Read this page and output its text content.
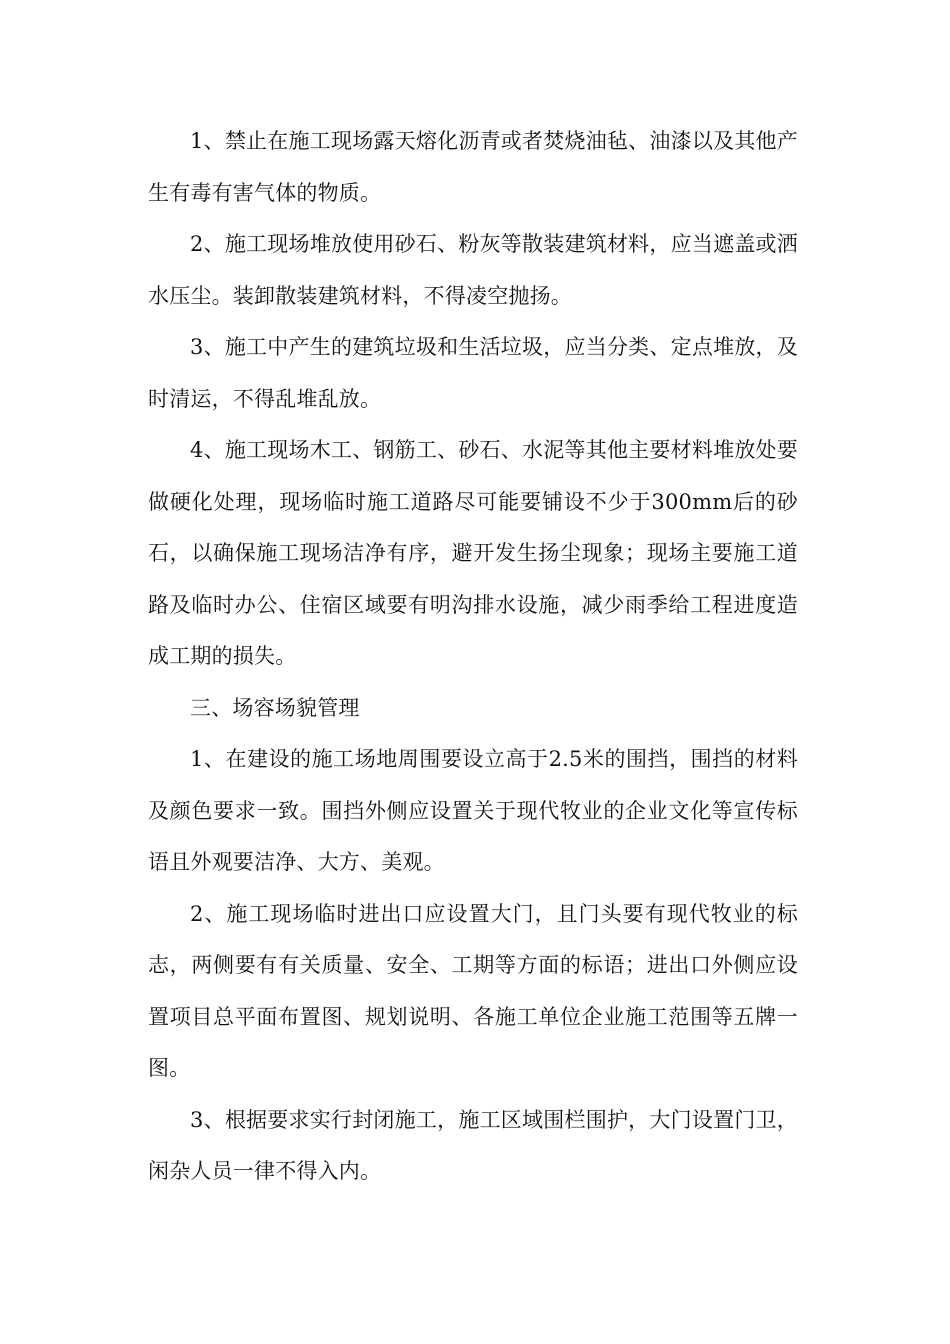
1、禁止在施工现场露天熔化沥青或者焚烧油毡、油漆以及其他产生有毒有害气体的物质。

2、施工现场堆放使用砂石、粉灰等散装建筑材料，应当遮盖或洒水压尘。装卸散装建筑材料，不得凌空抛扬。

3、施工中产生的建筑垃圾和生活垃圾，应当分类、定点堆放，及时清运，不得乱堆乱放。

4、施工现场木工、钢筋工、砂石、水泥等其他主要材料堆放处要做硬化处理，现场临时施工道路尽可能要铺设不少于300mm后的砂石，以确保施工现场洁净有序，避开发生扬尘现象；现场主要施工道路及临时办公、住宿区域要有明沟排水设施，减少雨季给工程进度造成工期的损失。

三、场容场貌管理

1、在建设的施工场地周围要设立高于2.5米的围挡，围挡的材料及颜色要求一致。围挡外侧应设置关于现代牧业的企业文化等宣传标语且外观要洁净、大方、美观。

2、施工现场临时进出口应设置大门，且门头要有现代牧业的标志，两侧要有有关质量、安全、工期等方面的标语；进出口外侧应设置项目总平面布置图、规划说明、各施工单位企业施工范围等五牌一图。

3、根据要求实行封闭施工，施工区域围栏围护，大门设置门卫，闲杂人员一律不得入内。
